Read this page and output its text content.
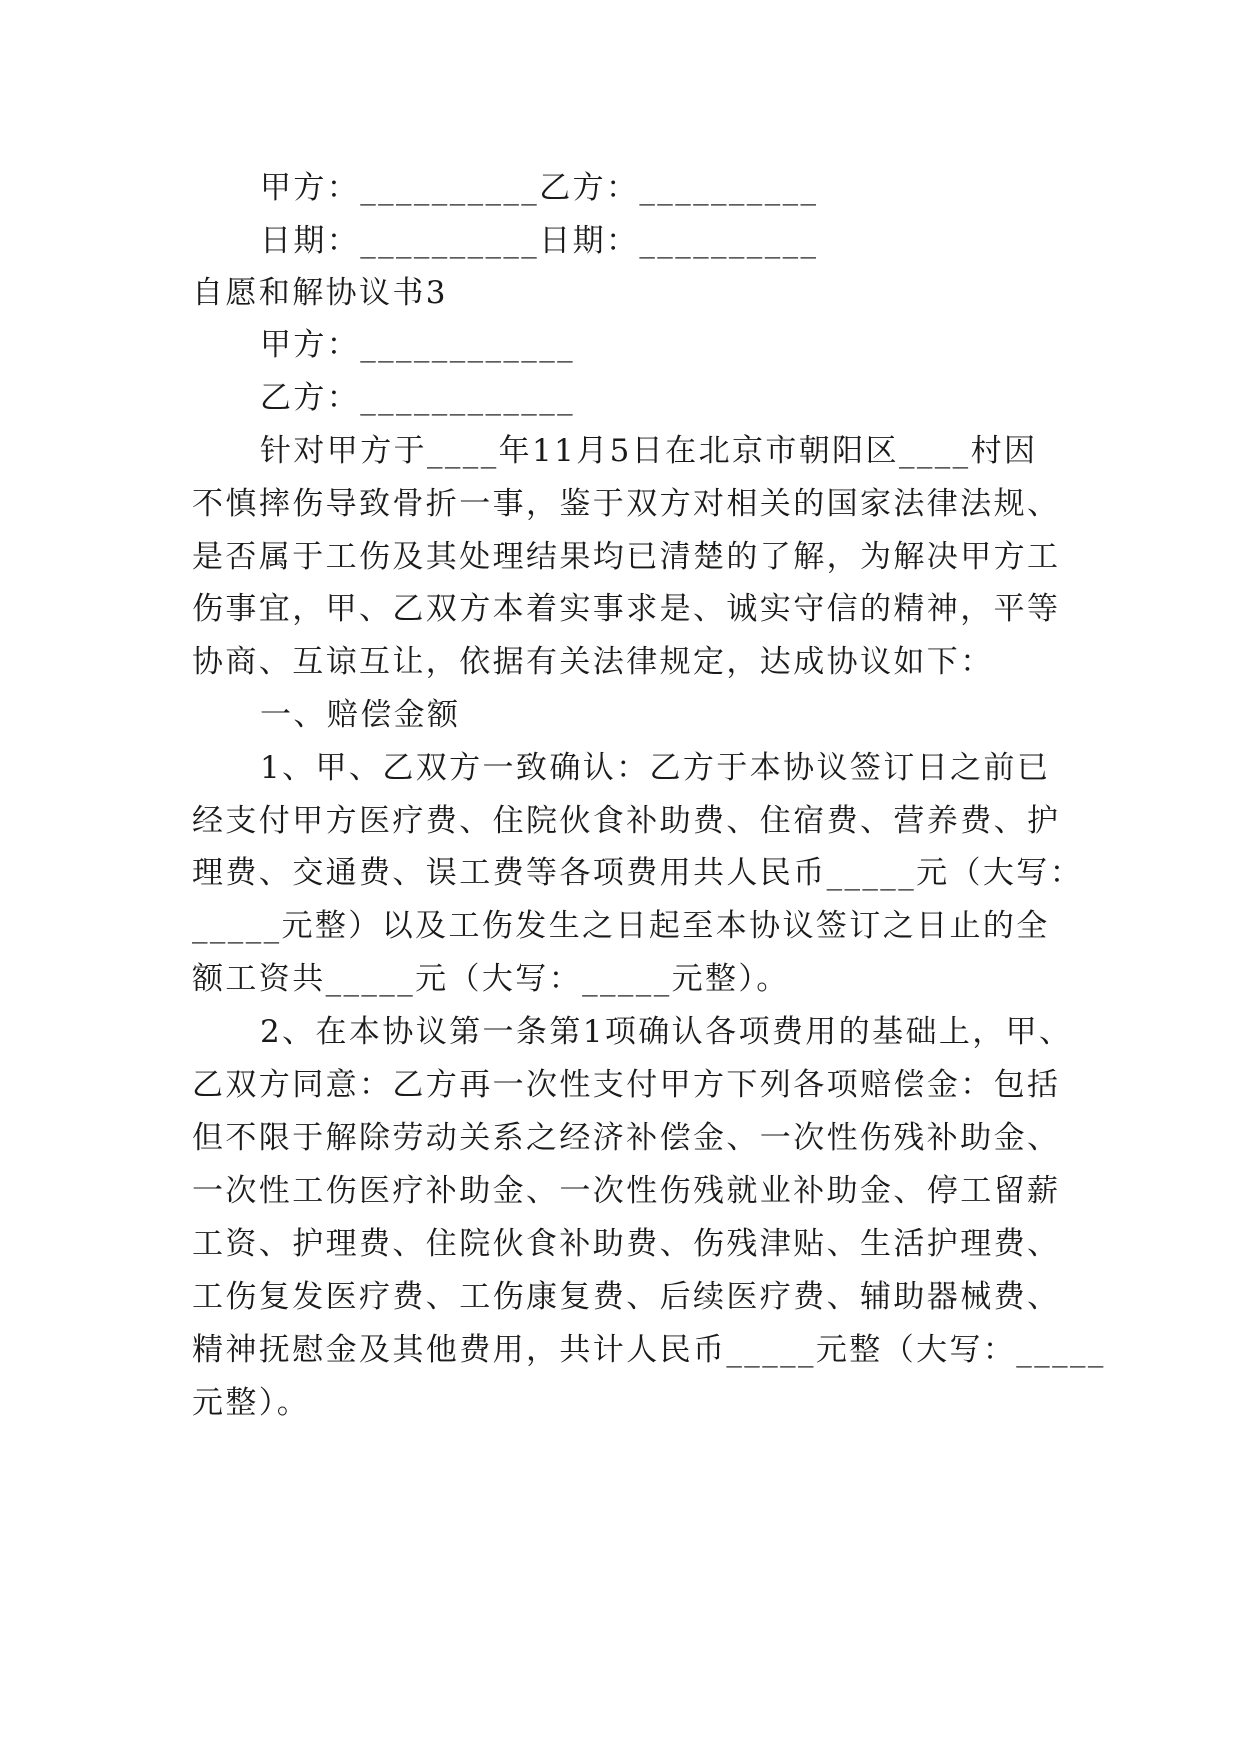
甲方：__________乙方：__________
日期：__________日期：__________
自愿和解协议书3
甲方：____________
乙方：____________
针对甲方于____年11月5日在北京市朝阳区____村因
不慎摔伤导致骨折一事，鉴于双方对相关的国家法律法规、
是否属于工伤及其处理结果均已清楚的了解，为解决甲方工
伤事宜，甲、乙双方本着实事求是、诚实守信的精神，平等
协商、互谅互让，依据有关法律规定，达成协议如下：
一、赔偿金额
1、甲、乙双方一致确认：乙方于本协议签订日之前已
经支付甲方医疗费、住院伙食补助费、住宿费、营养费、护
理费、交通费、误工费等各项费用共人民币_____元（大写：
_____元整）以及工伤发生之日起至本协议签订之日止的全
额工资共_____元（大写：_____元整）。
2、在本协议第一条第1项确认各项费用的基础上，甲、
乙双方同意：乙方再一次性支付甲方下列各项赔偿金：包括
但不限于解除劳动关系之经济补偿金、一次性伤残补助金、
一次性工伤医疗补助金、一次性伤残就业补助金、停工留薪
工资、护理费、住院伙食补助费、伤残津贴、生活护理费、
工伤复发医疗费、工伤康复费、后续医疗费、辅助器械费、
精神抚慰金及其他费用，共计人民币_____元整（大写：_____
元整）。
